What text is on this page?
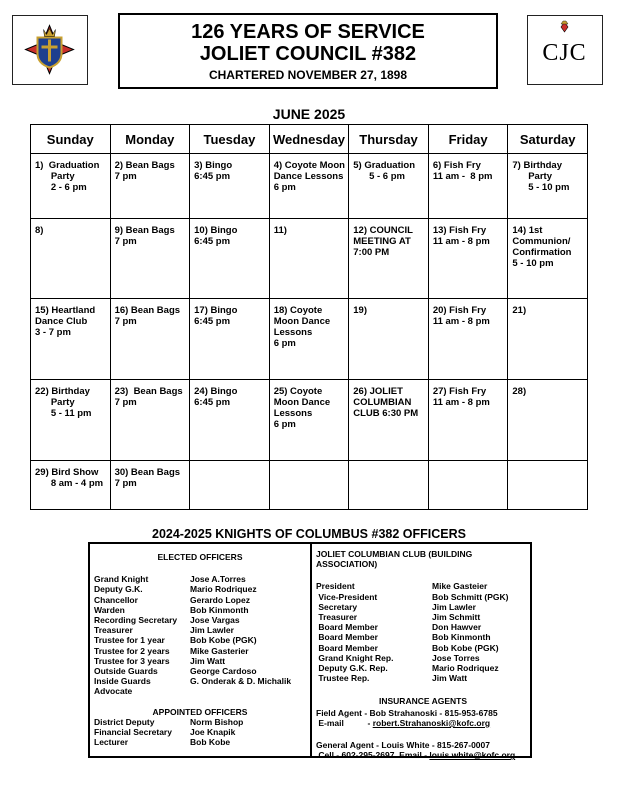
126 YEARS OF SERVICE
JOLIET COUNCIL #382
CHARTERED NOVEMBER 27, 1898
CJC
JUNE 2025
Sunday	Monday	Tuesday	Wednesday	Thursday	Friday	Saturday
1)  Graduation
Party
2 - 6 pm	2) Bean Bags
7 pm	3) Bingo
6:45 pm	4) Coyote Moon
Dance Lessons
6 pm	5) Graduation
5 - 6 pm	6) Fish Fry
11 am -  8 pm	7) Birthday
Party
5 - 10 pm
8)	9) Bean Bags
7 pm	10) Bingo
6:45 pm	11)	12) COUNCIL
MEETING AT
7:00 PM	13) Fish Fry
11 am - 8 pm	14) 1st
Communion/
Confirmation
5 - 10 pm
15) Heartland
Dance Club
3 - 7 pm	16) Bean Bags
7 pm	17) Bingo
6:45 pm	18) Coyote
Moon Dance
Lessons
6 pm	19)	20) Fish Fry
11 am - 8 pm	21)
22) Birthday
Party
5 - 11 pm	23)  Bean Bags
7 pm	24) Bingo
6:45 pm	25) Coyote
Moon Dance
Lessons
6 pm	26) JOLIET
COLUMBIAN
CLUB 6:30 PM	27) Fish Fry
11 am - 8 pm	28)
29) Bird Show
8 am - 4 pm	30) Bean Bags
7 pm					
2024-2025 KNIGHTS OF COLUMBUS #382 OFFICERS
ELECTED OFFICERS
Grand Knight	Jose A.Torres
Deputy G.K.	Mario Rodriquez
Chancellor	Gerardo Lopez
Warden	Bob Kinmonth
Recording Secretary	Jose Vargas
Treasurer	Jim Lawler
Trustee for 1 year	Bob Kobe (PGK)
Trustee for 2 years	Mike Gasterier
Trustee for 3 years	Jim Watt
Outside Guards	George Cardoso
Inside Guards	G. Onderak & D. Michalik
Advocate
APPOINTED OFFICERS
District Deputy	Norm Bishop
Financial Secretary	Joe Knapik
Lecturer	Bob Kobe
JOLIET COLUMBIAN CLUB (BUILDING ASSOCIATION)
President	Mike Gasteier
Vice-President	Bob Schmitt (PGK)
Secretary	Jim Lawler
Treasurer	Jim Schmitt
Board Member	Don Hawver
Board Member	Bob Kinmonth
Board Member	Bob Kobe (PGK)
Grand Knight Rep.	Jose Torres
Deputy G.K. Rep.	Mario Rodriquez
Trustee Rep.	Jim Watt
INSURANCE AGENTS
Field Agent - Bob Strahanoski - 815-953-6785
E-mail          - robert.Strahanoski@kofc.org
General Agent - Louis White - 815-267-0007
Cell - 602-295-2697  Email - louis.white@kofc.org
